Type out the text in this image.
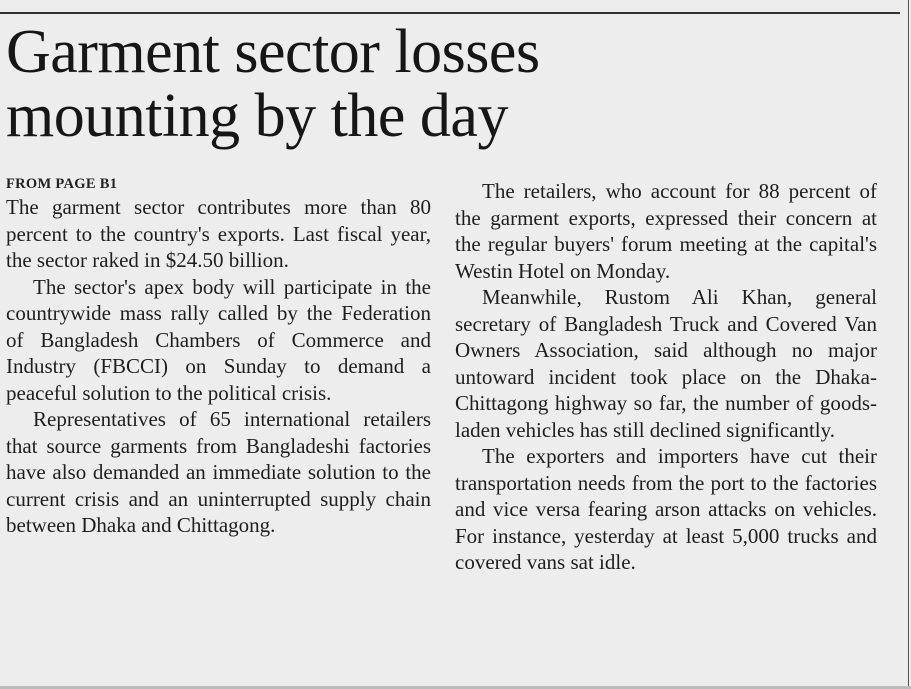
Garment sector losses
mounting by the day
FROM PAGE B1

The garment sector contributes more than 80 percent to the country's exports. Last fiscal year, the sector raked in $24.50 billion.

The sector's apex body will participate in the countrywide mass rally called by the Federation of Bangladesh Chambers of Commerce and Industry (FBCCI) on Sunday to demand a peaceful solution to the political crisis.

Representatives of 65 international retailers that source garments from Bangladeshi factories have also demanded an immediate solution to the current crisis and an uninterrupted supply chain between Dhaka and Chittagong.

The retailers, who account for 88 percent of the garment exports, expressed their concern at the regular buyers' forum meeting at the capital's Westin Hotel on Monday.

Meanwhile, Rustom Ali Khan, general secretary of Bangladesh Truck and Covered Van Owners Association, said although no major untoward incident took place on the Dhaka-Chittagong highway so far, the number of goods-laden vehicles has still declined significantly.

The exporters and importers have cut their transportation needs from the port to the factories and vice versa fearing arson attacks on vehicles. For instance, yesterday at least 5,000 trucks and covered vans sat idle.
